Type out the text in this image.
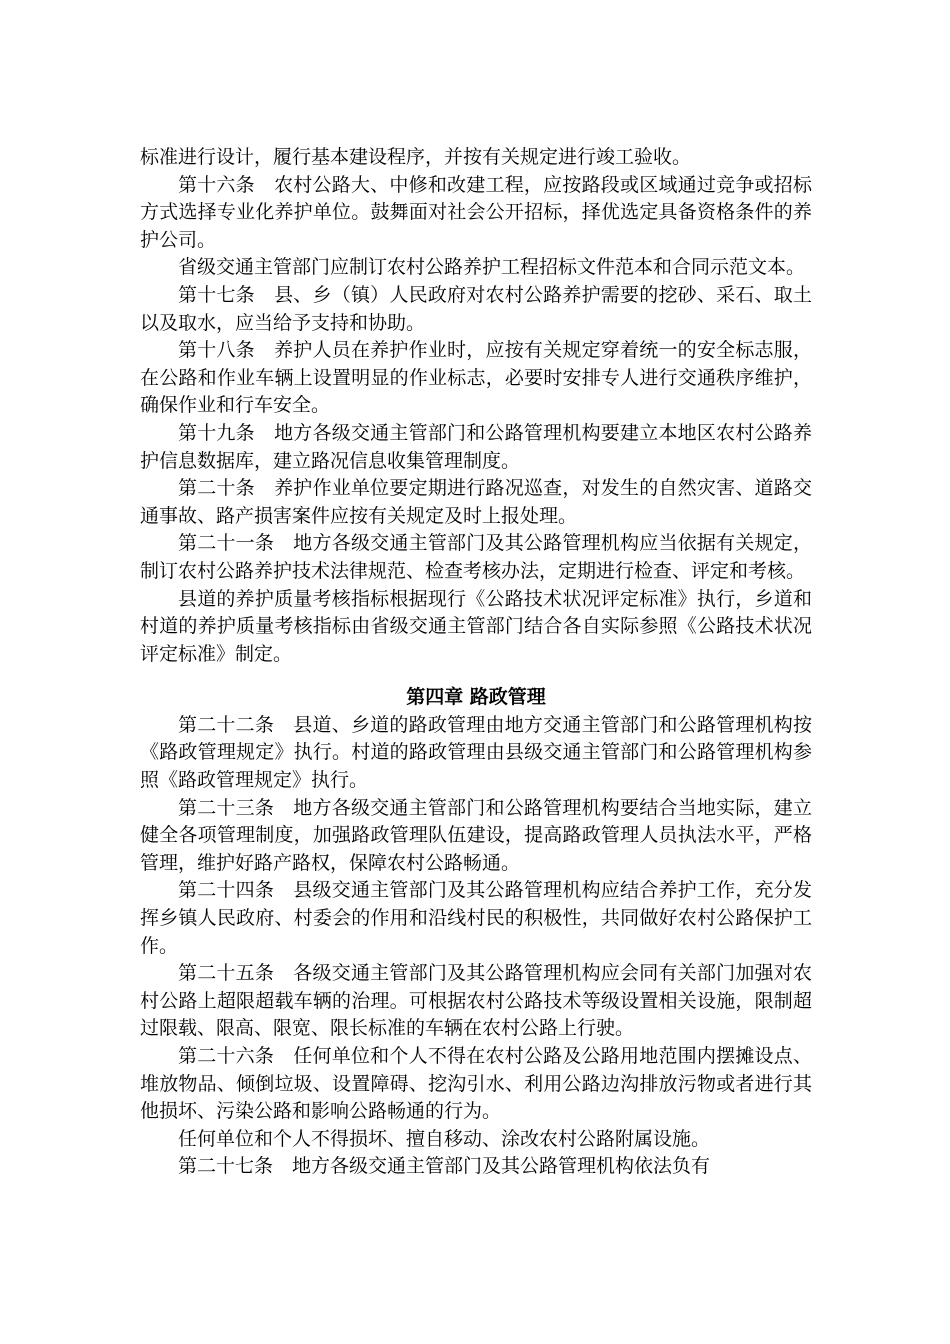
标准进行设计，履行基本建设程序，并按有关规定进行竣工验收。

第十六条　农村公路大、中修和改建工程，应按路段或区域通过竞争或招标方式选择专业化养护单位。鼓舞面对社会公开招标，择优选定具备资格条件的养护公司。

省级交通主管部门应制订农村公路养护工程招标文件范本和合同示范文本。

第十七条　县、乡（镇）人民政府对农村公路养护需要的挖砂、采石、取土以及取水，应当给予支持和协助。

第十八条　养护人员在养护作业时，应按有关规定穿着统一的安全标志服，在公路和作业车辆上设置明显的作业标志，必要时安排专人进行交通秩序维护，确保作业和行车安全。

第十九条　地方各级交通主管部门和公路管理机构要建立本地区农村公路养护信息数据库，建立路况信息收集管理制度。

第二十条　养护作业单位要定期进行路况巡查，对发生的自然灾害、道路交通事故、路产损害案件应按有关规定及时上报处理。

第二十一条　地方各级交通主管部门及其公路管理机构应当依据有关规定，制订农村公路养护技术法律规范、检查考核办法，定期进行检查、评定和考核。

县道的养护质量考核指标根据现行《公路技术状况评定标准》执行，乡道和村道的养护质量考核指标由省级交通主管部门结合各自实际参照《公路技术状况评定标准》制定。

第四章 路政管理

第二十二条　县道、乡道的路政管理由地方交通主管部门和公路管理机构按《路政管理规定》执行。村道的路政管理由县级交通主管部门和公路管理机构参照《路政管理规定》执行。

第二十三条　地方各级交通主管部门和公路管理机构要结合当地实际，建立健全各项管理制度，加强路政管理队伍建设，提高路政管理人员执法水平，严格管理，维护好路产路权，保障农村公路畅通。

第二十四条　县级交通主管部门及其公路管理机构应结合养护工作，充分发挥乡镇人民政府、村委会的作用和沿线村民的积极性，共同做好农村公路保护工作。

第二十五条　各级交通主管部门及其公路管理机构应会同有关部门加强对农村公路上超限超载车辆的治理。可根据农村公路技术等级设置相关设施，限制超过限载、限高、限宽、限长标准的车辆在农村公路上行驶。

第二十六条　任何单位和个人不得在农村公路及公路用地范围内摆摊设点、堆放物品、倾倒垃圾、设置障碍、挖沟引水、利用公路边沟排放污物或者进行其他损坏、污染公路和影响公路畅通的行为。

任何单位和个人不得损坏、擅自移动、涂改农村公路附属设施。

第二十七条　地方各级交通主管部门及其公路管理机构依法负有
